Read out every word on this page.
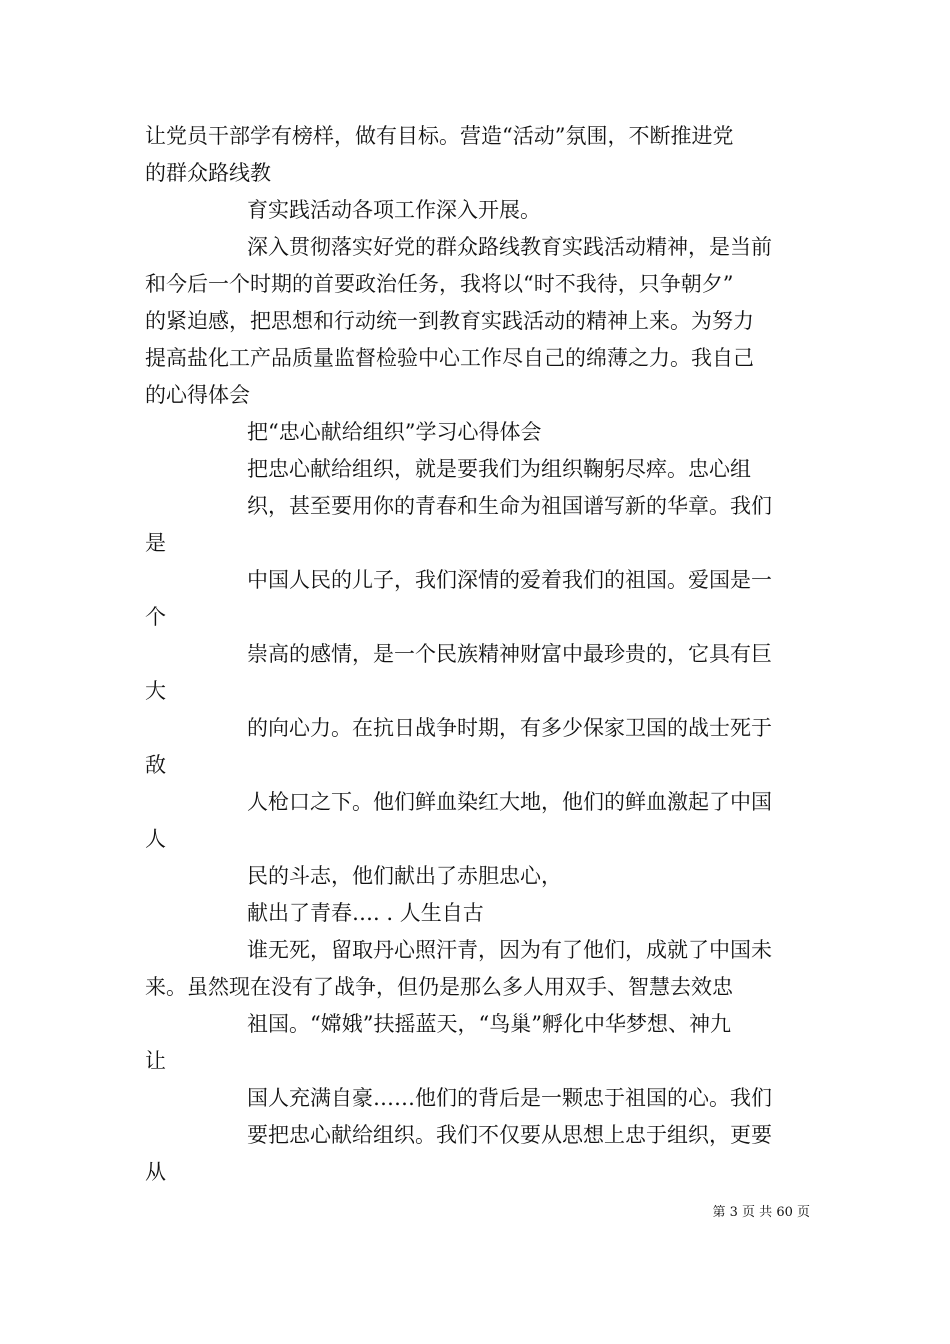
让党员干部学有榜样，做有目标。营造“活动”氛围，不断推进党
的群众路线教
育实践活动各项工作深入开展。
深入贯彻落实好党的群众路线教育实践活动精神，是当前
和今后一个时期的首要政治任务，我将以“时不我待，只争朝夕”
的紧迫感，把思想和行动统一到教育实践活动的精神上来。为努力
提高盐化工产品质量监督检验中心工作尽自己的绵薄之力。我自己
的心得体会
把“忠心献给组织”学习心得体会
把忠心献给组织，就是要我们为组织鞠躬尽瘁。忠心组
织，甚至要用你的青春和生命为祖国谱写新的华章。我们
是
中国人民的儿子，我们深情的爱着我们的祖国。爱国是一
个
崇高的感情，是一个民族精神财富中最珍贵的，它具有巨
大
的向心力。在抗日战争时期，有多少保家卫国的战士死于
敌
人枪口之下。他们鲜血染红大地，他们的鲜血激起了中国
人
民的斗志，他们献出了赤胆忠心，
献出了青春…. . 人生自古
谁无死，留取丹心照汗青，因为有了他们，成就了中国未
来。虽然现在没有了战争，但仍是那么多人用双手、智慧去效忠
祖国。“嫦娥”扶摇蓝天，“鸟巢”孵化中华梦想、神九
让
国人充满自豪……他们的背后是一颗忠于祖国的心。我们
要把忠心献给组织。我们不仅要从思想上忠于组织，更要
从
第 3 页 共 60 页
